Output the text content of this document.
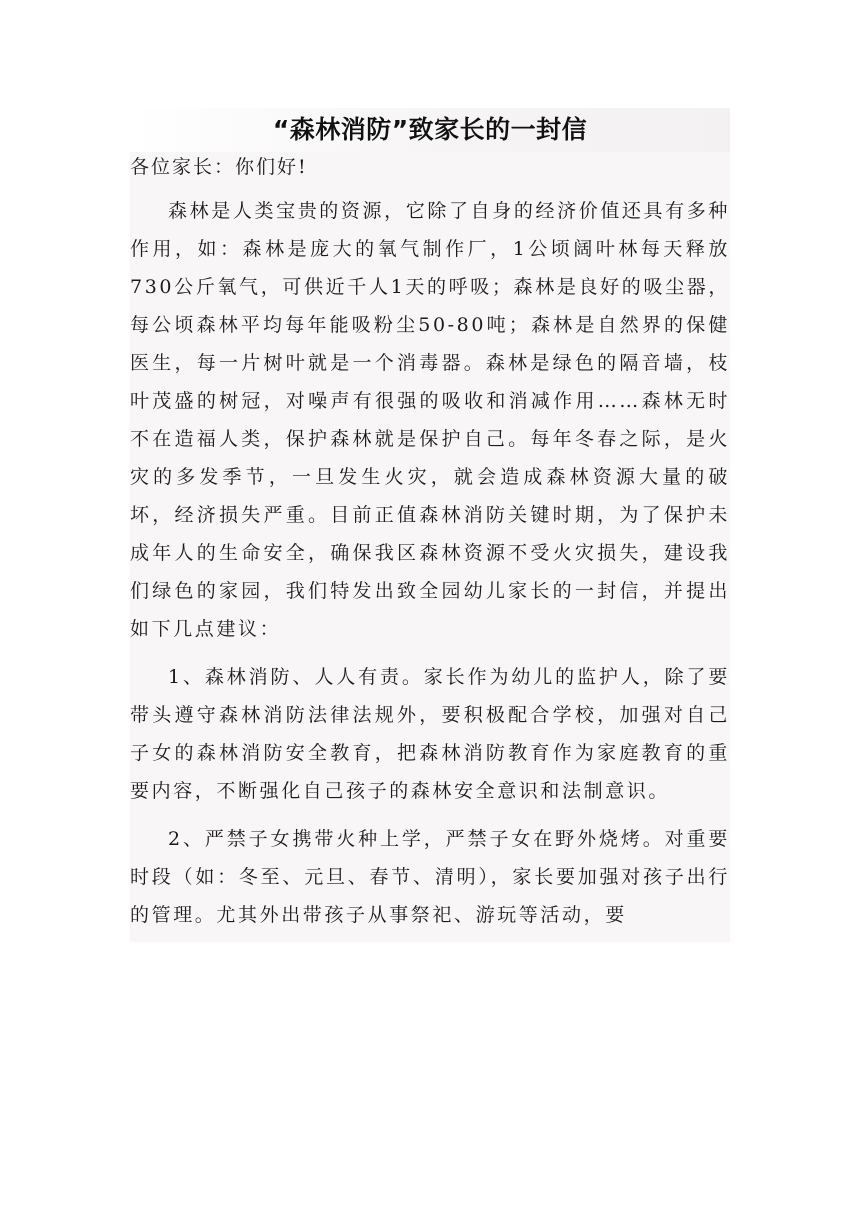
“森林消防”致家长的一封信

各位家长：你们好!

森林是人类宝贵的资源，它除了自身的经济价值还具有多种作用，如：森林是庞大的氧气制作厂，1公顷阔叶林每天释放730公斤氧气，可供近千人1天的呼吸；森林是良好的吸尘器，每公顷森林平均每年能吸粉尘50-80吨；森林是自然界的保健医生，每一片树叶就是一个消毒器。森林是绿色的隔音墙，枝叶茂盛的树冠，对噪声有很强的吸收和消减作用……森林无时不在造福人类，保护森林就是保护自己。每年冬春之际，是火灾的多发季节，一旦发生火灾，就会造成森林资源大量的破坏，经济损失严重。目前正值森林消防关键时期，为了保护未成年人的生命安全，确保我区森林资源不受火灾损失，建设我们绿色的家园，我们特发出致全园幼儿家长的一封信，并提出如下几点建议：

1、森林消防、人人有责。家长作为幼儿的监护人，除了要带头遵守森林消防法律法规外，要积极配合学校，加强对自己子女的森林消防安全教育，把森林消防教育作为家庭教育的重要内容，不断强化自己孩子的森林安全意识和法制意识。

2、严禁子女携带火种上学，严禁子女在野外烧烤。对重要时段（如：冬至、元旦、春节、清明），家长要加强对孩子出行的管理。尤其外出带孩子从事祭祀、游玩等活动，要
